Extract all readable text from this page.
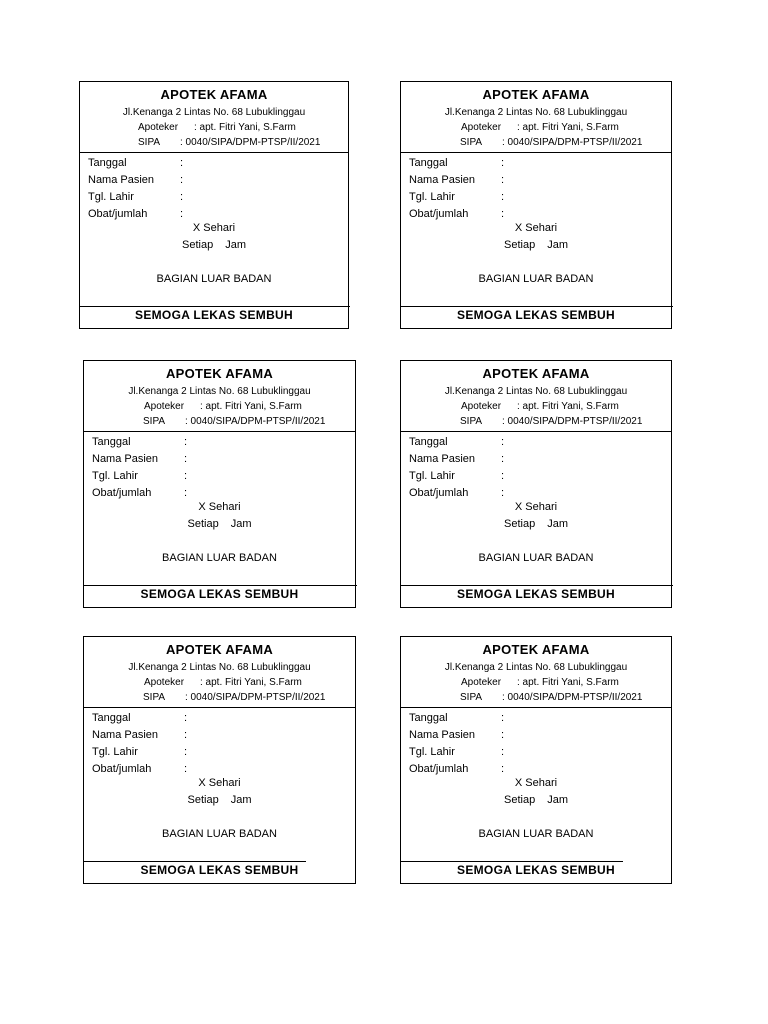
APOTEK AFAMA
Jl.Kenanga 2 Lintas No. 68 Lubuklinggau
Apoteker : apt. Fitri Yani, S.Farm
SIPA : 0040/SIPA/DPM-PTSP/II/2021
Tanggal	:
Nama Pasien :
Tgl. Lahir	:
Obat/jumlah	:
X Sehari
Setiap Jam
BAGIAN LUAR BADAN
SEMOGA LEKAS SEMBUH
APOTEK AFAMA
Jl.Kenanga 2 Lintas No. 68 Lubuklinggau
Apoteker : apt. Fitri Yani, S.Farm
SIPA : 0040/SIPA/DPM-PTSP/II/2021
Tanggal	:
Nama Pasien :
Tgl. Lahir	:
Obat/jumlah	:
X Sehari
Setiap Jam
BAGIAN LUAR BADAN
SEMOGA LEKAS SEMBUH
APOTEK AFAMA
Jl.Kenanga 2 Lintas No. 68 Lubuklinggau
Apoteker : apt. Fitri Yani, S.Farm
SIPA : 0040/SIPA/DPM-PTSP/II/2021
Tanggal	:
Nama Pasien :
Tgl. Lahir	:
Obat/jumlah	:
X Sehari
Setiap Jam
BAGIAN LUAR BADAN
SEMOGA LEKAS SEMBUH
APOTEK AFAMA
Jl.Kenanga 2 Lintas No. 68 Lubuklinggau
Apoteker : apt. Fitri Yani, S.Farm
SIPA : 0040/SIPA/DPM-PTSP/II/2021
Tanggal	:
Nama Pasien :
Tgl. Lahir	:
Obat/jumlah	:
X Sehari
Setiap Jam
BAGIAN LUAR BADAN
SEMOGA LEKAS SEMBUH
APOTEK AFAMA
Jl.Kenanga 2 Lintas No. 68 Lubuklinggau
Apoteker : apt. Fitri Yani, S.Farm
SIPA : 0040/SIPA/DPM-PTSP/II/2021
Tanggal	:
Nama Pasien :
Tgl. Lahir	:
Obat/jumlah	:
X Sehari
Setiap Jam
BAGIAN LUAR BADAN
SEMOGA LEKAS SEMBUH
APOTEK AFAMA
Jl.Kenanga 2 Lintas No. 68 Lubuklinggau
Apoteker : apt. Fitri Yani, S.Farm
SIPA : 0040/SIPA/DPM-PTSP/II/2021
Tanggal	:
Nama Pasien :
Tgl. Lahir	:
Obat/jumlah	:
X Sehari
Setiap Jam
BAGIAN LUAR BADAN
SEMOGA LEKAS SEMBUH
